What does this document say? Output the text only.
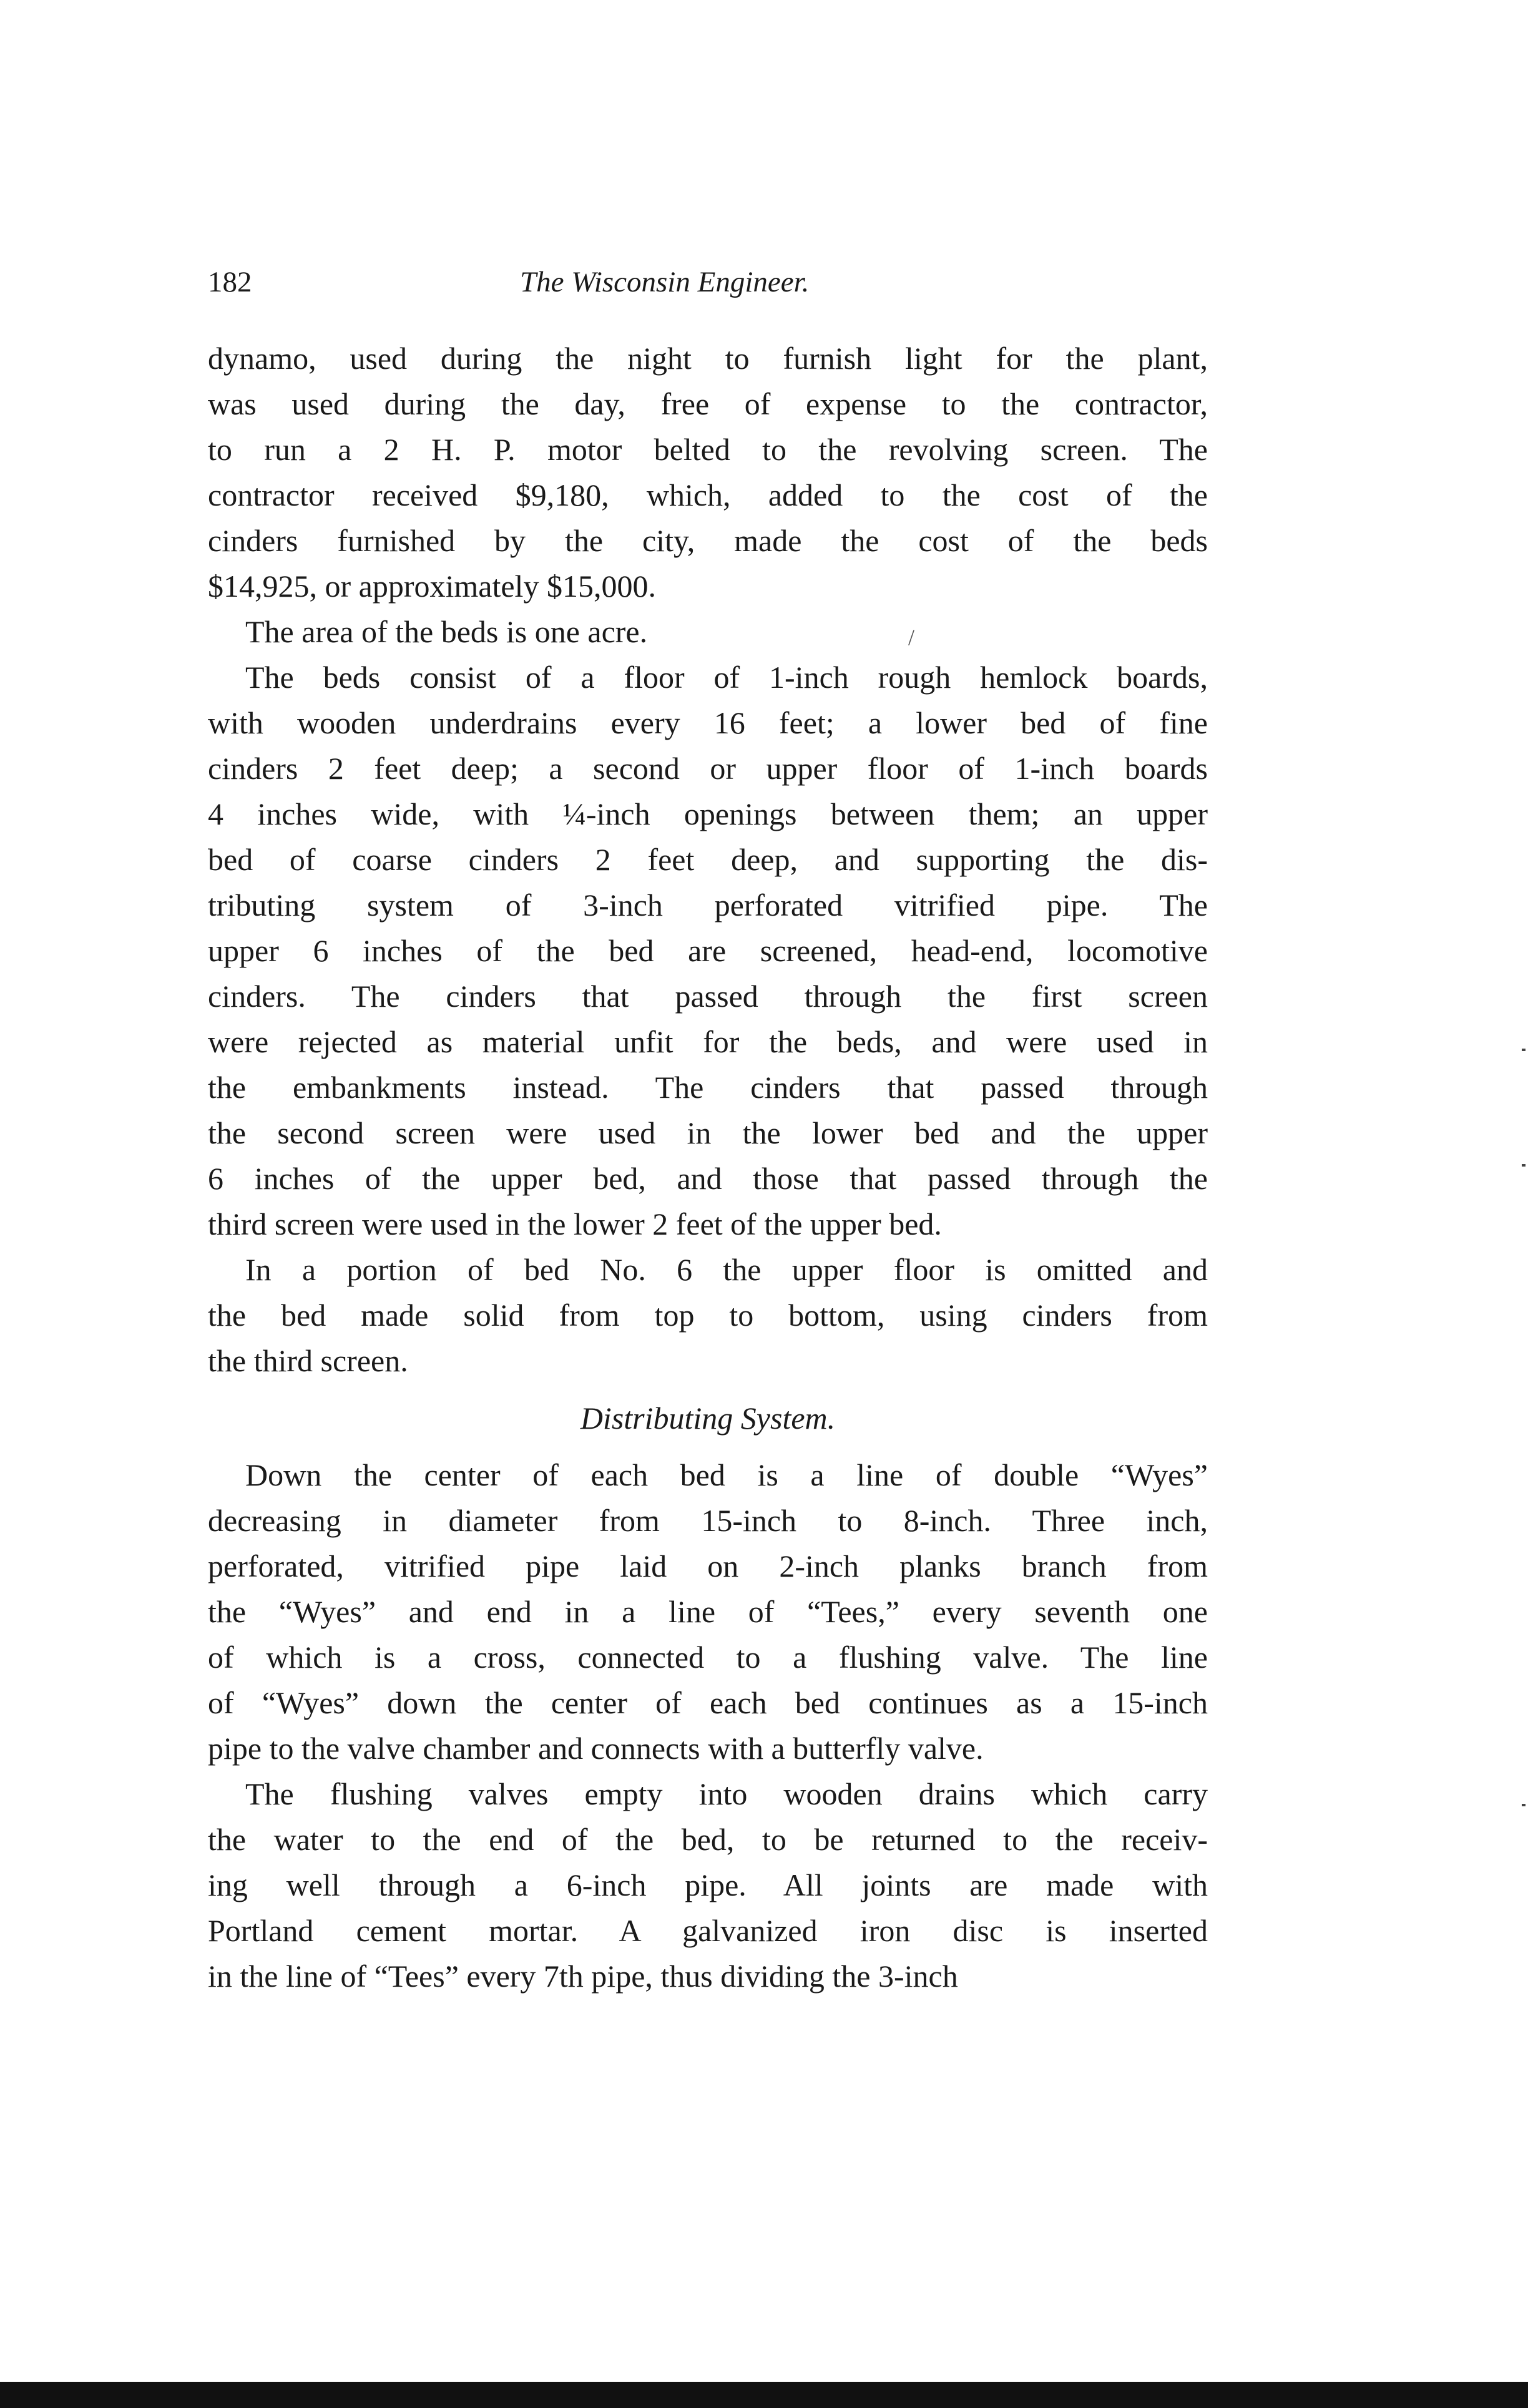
182	The Wisconsin Engineer.
dynamo, used during the night to furnish light for the plant,
was used during the day, free of expense to the contractor,
to run a 2 H. P. motor belted to the revolving screen. The
contractor received $9,180, which, added to the cost of the
cinders furnished by the city, made the cost of the beds
$14,925, or approximately $15,000.
The area of the beds is one acre.
The beds consist of a floor of 1-inch rough hemlock boards,
with wooden underdrains every 16 feet; a lower bed of fine
cinders 2 feet deep; a second or upper floor of 1-inch boards
4 inches wide, with ¼-inch openings between them; an upper
bed of coarse cinders 2 feet deep, and supporting the dis-
tributing system of 3-inch perforated vitrified pipe. The
upper 6 inches of the bed are screened, head-end, locomotive
cinders. The cinders that passed through the first screen
were rejected as material unfit for the beds, and were used in
the embankments instead. The cinders that passed through
the second screen were used in the lower bed and the upper
6 inches of the upper bed, and those that passed through the
third screen were used in the lower 2 feet of the upper bed.
In a portion of bed No. 6 the upper floor is omitted and
the bed made solid from top to bottom, using cinders from
the third screen.
Distributing System.
Down the center of each bed is a line of double “Wyes”
decreasing in diameter from 15-inch to 8-inch. Three inch,
perforated, vitrified pipe laid on 2-inch planks branch from
the “Wyes” and end in a line of “Tees,” every seventh one
of which is a cross, connected to a flushing valve. The line
of “Wyes” down the center of each bed continues as a 15-inch
pipe to the valve chamber and connects with a butterfly valve.
The flushing valves empty into wooden drains which carry
the water to the end of the bed, to be returned to the receiv-
ing well through a 6-inch pipe. All joints are made with
Portland cement mortar. A galvanized iron disc is inserted
in the line of “Tees” every 7th pipe, thus dividing the 3-inch
/
